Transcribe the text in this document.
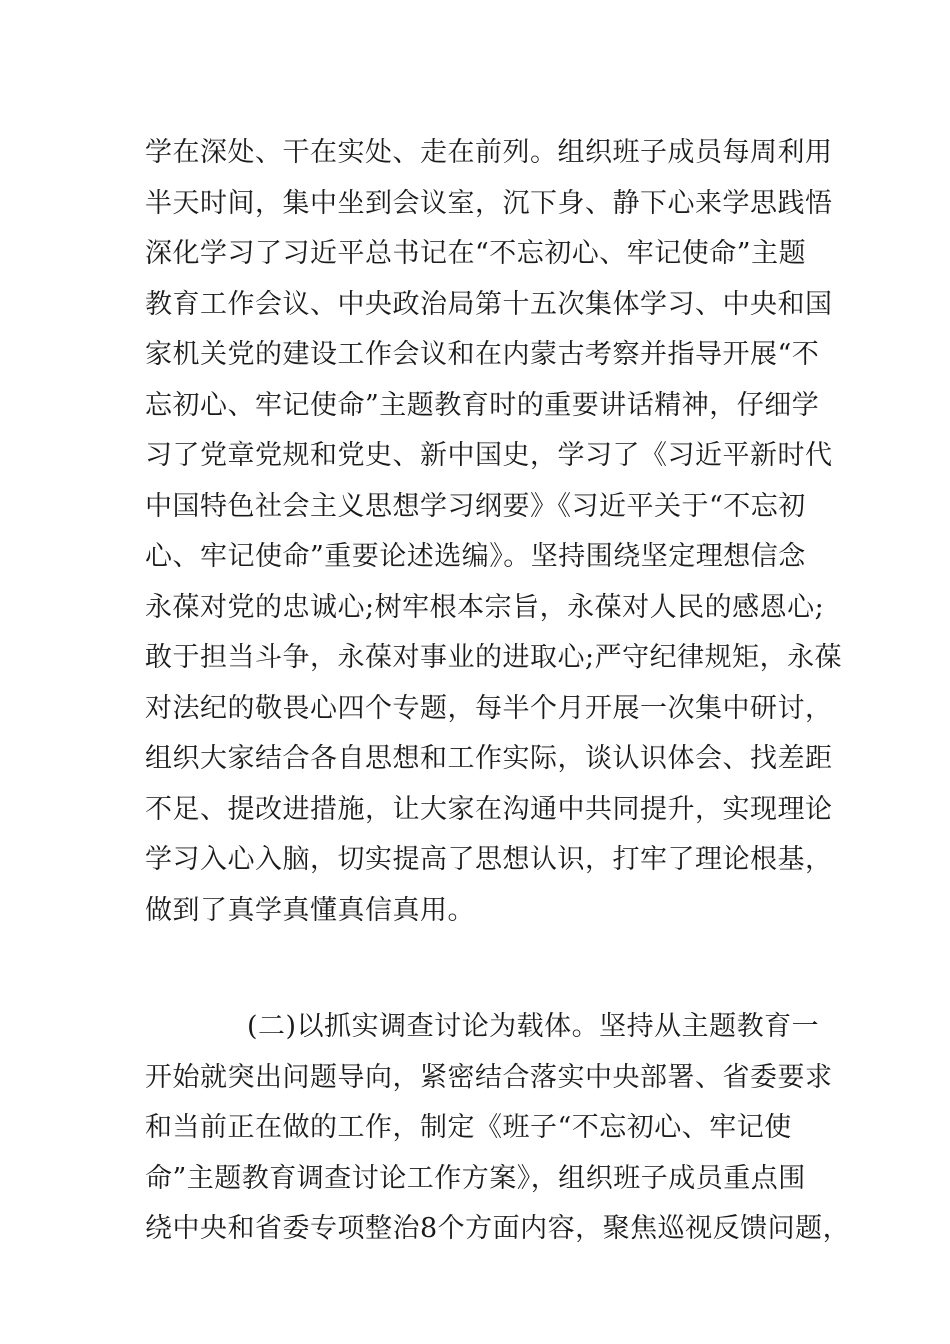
学在深处、干在实处、走在前列。组织班子成员每周利用
半天时间，集中坐到会议室，沉下身、静下心来学思践悟
深化学习了习近平总书记在“不忘初心、牢记使命”主题
教育工作会议、中央政治局第十五次集体学习、中央和国
家机关党的建设工作会议和在内蒙古考察并指导开展“不
忘初心、牢记使命”主题教育时的重要讲话精神，仔细学
习了党章党规和党史、新中国史，学习了《习近平新时代
中国特色社会主义思想学习纲要》《习近平关于“不忘初
心、牢记使命”重要论述选编》。坚持围绕坚定理想信念
永葆对党的忠诚心;树牢根本宗旨，永葆对人民的感恩心;
敢于担当斗争，永葆对事业的进取心;严守纪律规矩，永葆
对法纪的敬畏心四个专题，每半个月开展一次集中研讨，
组织大家结合各自思想和工作实际，谈认识体会、找差距
不足、提改进措施，让大家在沟通中共同提升，实现理论
学习入心入脑，切实提高了思想认识，打牢了理论根基，
做到了真学真懂真信真用。
(二)以抓实调查讨论为载体。坚持从主题教育一
开始就突出问题导向，紧密结合落实中央部署、省委要求
和当前正在做的工作，制定《班子“不忘初心、牢记使
命”主题教育调查讨论工作方案》，组织班子成员重点围
绕中央和省委专项整治8个方面内容，聚焦巡视反馈问题，
